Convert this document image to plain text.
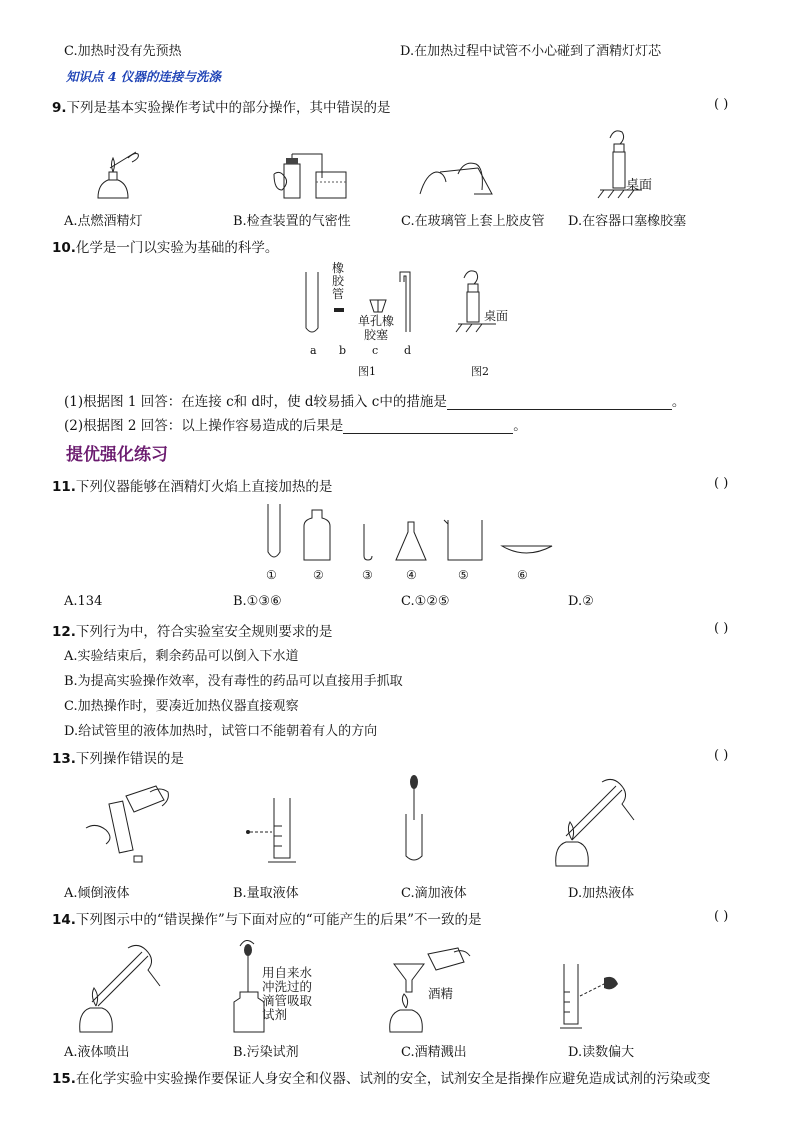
C.加热时没有先预热	D.在加热过程中试管不小心碰到了酒精灯灯芯
知识点 4 仪器的连接与洗涤
9.下列是基本实验操作考试中的部分操作，其中错误的是	( )
桌面
A.点燃酒精灯	B.检查装置的气密性	C.在玻璃管上套上胶皮管 D.在容器口塞橡胶塞
10.化学是一门以实验为基础的科学。
橡胶管
单孔橡胶塞
a b c d
图1
桌面
图2
(1)根据图 1 回答：在连接 c和 d时，使 d较易插入 c中的措施是	。
(2)根据图 2 回答：以上操作容易造成的后果是	。
提优强化练习
11.下列仪器能够在酒精灯火焰上直接加热的是	( )
①	②	③	④	⑤	⑥
A.134	B.①③⑥	C.①②⑤	D.②
12.下列行为中，符合实验室安全规则要求的是	( )
A.实验结束后，剩余药品可以倒入下水道
B.为提高实验操作效率，没有毒性的药品可以直接用手抓取
C.加热操作时，要凑近加热仪器直接观察
D.给试管里的液体加热时，试管口不能朝着有人的方向
13.下列操作错误的是	( )
A.倾倒液体	B.量取液体	C.滴加液体	D.加热液体
14.下列图示中的“错误操作”与下面对应的“可能产生的后果”不一致的是	( )
用自来水
冲洗过的
滴管吸取
试剂
酒精
A.液体喷出	B.污染试剂	C.酒精溅出	D.读数偏大
15.在化学实验中实验操作要保证人身安全和仪器、试剂的安全，试剂安全是指操作应避免造成试剂的污染或变
